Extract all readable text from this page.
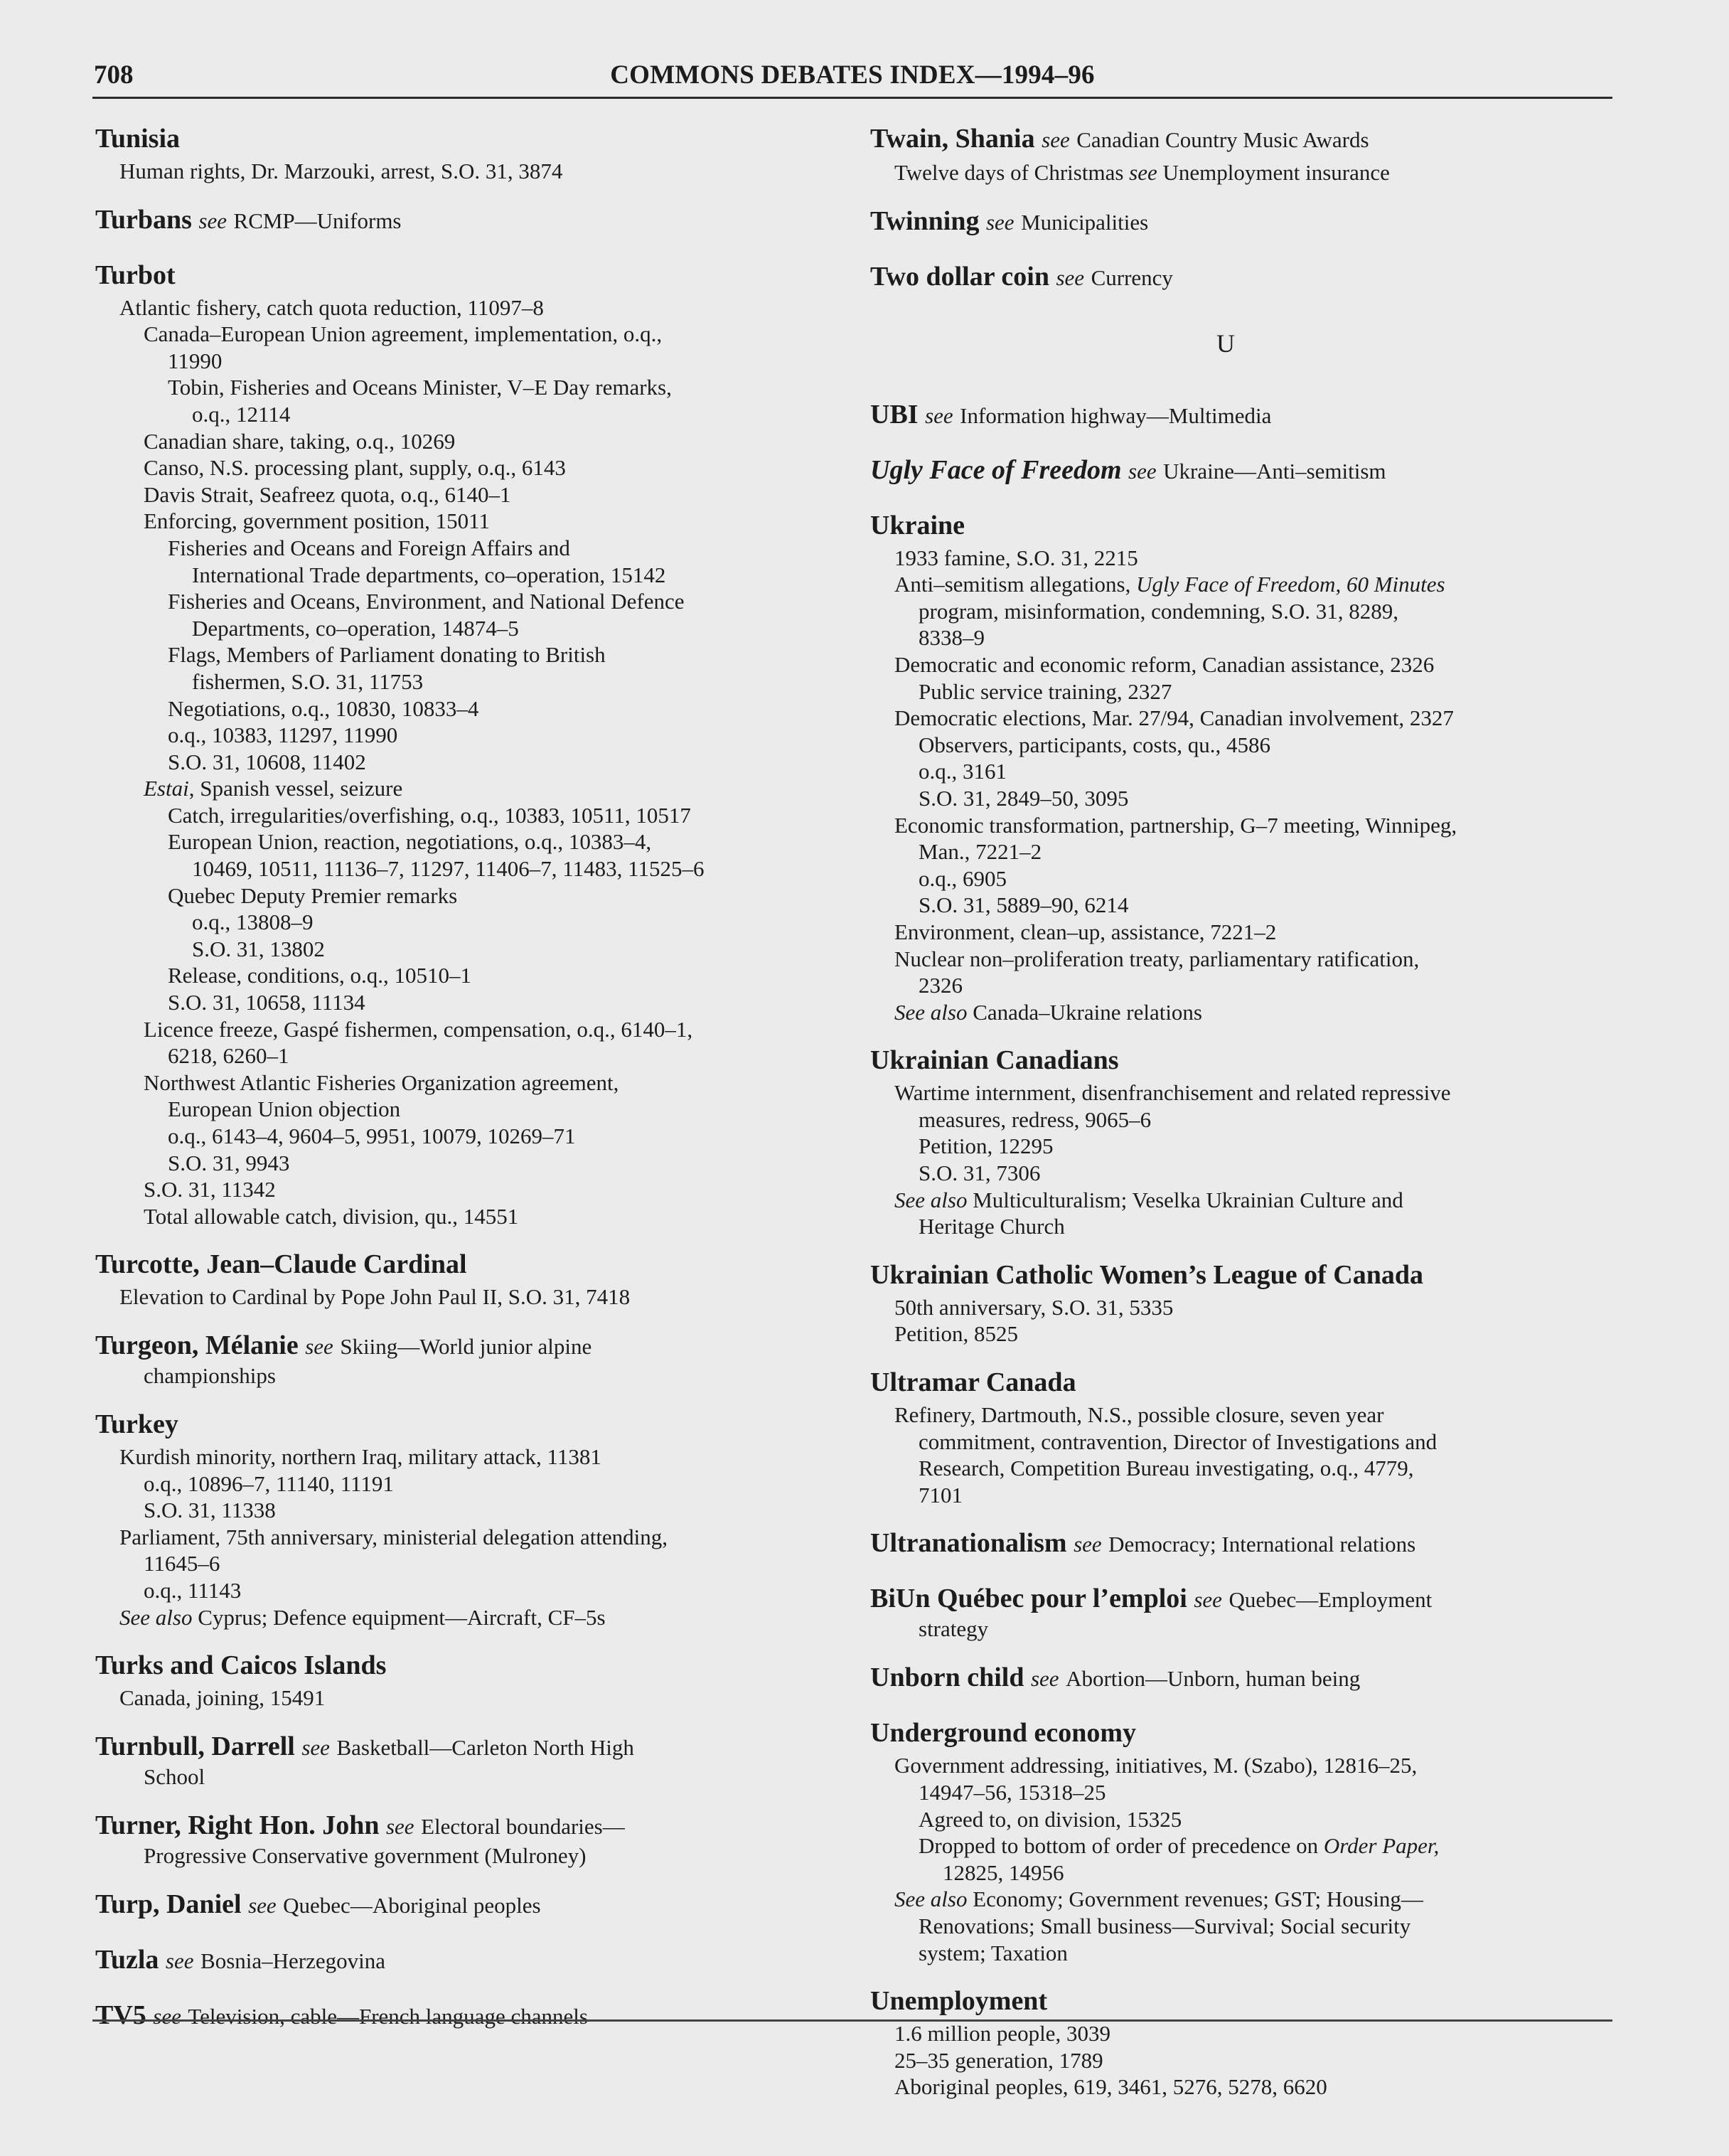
708	COMMONS DEBATES INDEX—1994–96
Tunisia
Human rights, Dr. Marzouki, arrest, S.O. 31, 3874
Turbans see RCMP—Uniforms
Turbot
Atlantic fishery, catch quota reduction, 11097–8
Canada–European Union agreement, implementation, o.q.,
11990
Tobin, Fisheries and Oceans Minister, V–E Day remarks,
o.q., 12114
Canadian share, taking, o.q., 10269
Canso, N.S. processing plant, supply, o.q., 6143
Davis Strait, Seafreez quota, o.q., 6140–1
Enforcing, government position, 15011
Fisheries and Oceans and Foreign Affairs and
International Trade departments, co–operation, 15142
Fisheries and Oceans, Environment, and National Defence
Departments, co–operation, 14874–5
Flags, Members of Parliament donating to British
fishermen, S.O. 31, 11753
Negotiations, o.q., 10830, 10833–4
o.q., 10383, 11297, 11990
S.O. 31, 10608, 11402
Estai, Spanish vessel, seizure
Catch, irregularities/overfishing, o.q., 10383, 10511, 10517
European Union, reaction, negotiations, o.q., 10383–4,
10469, 10511, 11136–7, 11297, 11406–7, 11483, 11525–6
Quebec Deputy Premier remarks
o.q., 13808–9
S.O. 31, 13802
Release, conditions, o.q., 10510–1
S.O. 31, 10658, 11134
Licence freeze, Gaspé fishermen, compensation, o.q., 6140–1,
6218, 6260–1
Northwest Atlantic Fisheries Organization agreement,
European Union objection
o.q., 6143–4, 9604–5, 9951, 10079, 10269–71
S.O. 31, 9943
S.O. 31, 11342
Total allowable catch, division, qu., 14551
Turcotte, Jean–Claude Cardinal
Elevation to Cardinal by Pope John Paul II, S.O. 31, 7418
Turgeon, Mélanie see Skiing—World junior alpine
championships
Turkey
Kurdish minority, northern Iraq, military attack, 11381
o.q., 10896–7, 11140, 11191
S.O. 31, 11338
Parliament, 75th anniversary, ministerial delegation attending,
11645–6
o.q., 11143
See also Cyprus; Defence equipment—Aircraft, CF–5s
Turks and Caicos Islands
Canada, joining, 15491
Turnbull, Darrell see Basketball—Carleton North High
School
Turner, Right Hon. John see Electoral boundaries—
Progressive Conservative government (Mulroney)
Turp, Daniel see Quebec—Aboriginal peoples
Tuzla see Bosnia–Herzegovina
TV5 see Television, cable—French language channels
Twain, Shania see Canadian Country Music Awards
Twelve days of Christmas see Unemployment insurance
Twinning see Municipalities
Two dollar coin see Currency
U
UBI see Information highway—Multimedia
Ugly Face of Freedom see Ukraine—Anti–semitism
Ukraine
1933 famine, S.O. 31, 2215
Anti–semitism allegations, Ugly Face of Freedom, 60 Minutes
program, misinformation, condemning, S.O. 31, 8289,
8338–9
Democratic and economic reform, Canadian assistance, 2326
Public service training, 2327
Democratic elections, Mar. 27/94, Canadian involvement, 2327
Observers, participants, costs, qu., 4586
o.q., 3161
S.O. 31, 2849–50, 3095
Economic transformation, partnership, G–7 meeting, Winnipeg,
Man., 7221–2
o.q., 6905
S.O. 31, 5889–90, 6214
Environment, clean–up, assistance, 7221–2
Nuclear non–proliferation treaty, parliamentary ratification,
2326
See also Canada–Ukraine relations
Ukrainian Canadians
Wartime internment, disenfranchisement and related repressive
measures, redress, 9065–6
Petition, 12295
S.O. 31, 7306
See also Multiculturalism; Veselka Ukrainian Culture and
Heritage Church
Ukrainian Catholic Women’s League of Canada
50th anniversary, S.O. 31, 5335
Petition, 8525
Ultramar Canada
Refinery, Dartmouth, N.S., possible closure, seven year
commitment, contravention, Director of Investigations and
Research, Competition Bureau investigating, o.q., 4779,
7101
Ultranationalism see Democracy; International relations
BiUn Québec pour l’emploi see Quebec—Employment
strategy
Unborn child see Abortion—Unborn, human being
Underground economy
Government addressing, initiatives, M. (Szabo), 12816–25,
14947–56, 15318–25
Agreed to, on division, 15325
Dropped to bottom of order of precedence on Order Paper,
12825, 14956
See also Economy; Government revenues; GST; Housing—
Renovations; Small business—Survival; Social security
system; Taxation
Unemployment
1.6 million people, 3039
25–35 generation, 1789
Aboriginal peoples, 619, 3461, 5276, 5278, 6620
